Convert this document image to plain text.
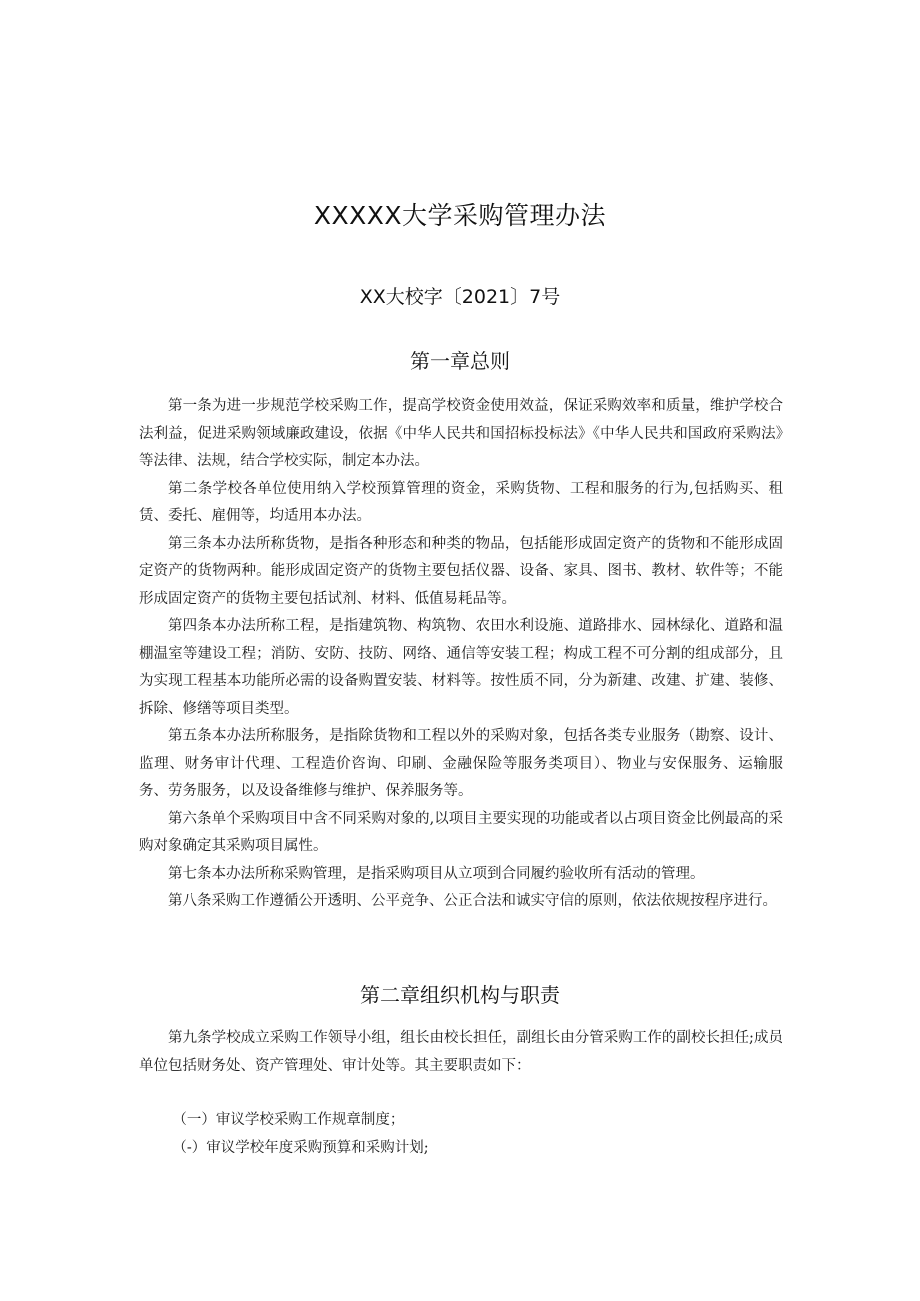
XXXXX大学采购管理办法
XX大校字〔2021〕7号
第一章总则

第一条为进一步规范学校采购工作，提高学校资金使用效益，保证采购效率和质量，维护学校合法利益，促进采购领域廉政建设，依据《中华人民共和国招标投标法》《中华人民共和国政府采购法》等法律、法规，结合学校实际，制定本办法。

第二条学校各单位使用纳入学校预算管理的资金，采购货物、工程和服务的行为,包括购买、租赁、委托、雇佣等，均适用本办法。

第三条本办法所称货物，是指各种形态和种类的物品，包括能形成固定资产的货物和不能形成固定资产的货物两种。能形成固定资产的货物主要包括仪器、设备、家具、图书、教材、软件等；不能形成固定资产的货物主要包括试剂、材料、低值易耗品等。

第四条本办法所称工程，是指建筑物、构筑物、农田水利设施、道路排水、园林绿化、道路和温棚温室等建设工程；消防、安防、技防、网络、通信等安装工程；构成工程不可分割的组成部分，且为实现工程基本功能所必需的设备购置安装、材料等。按性质不同，分为新建、改建、扩建、装修、拆除、修缮等项目类型。

第五条本办法所称服务，是指除货物和工程以外的采购对象，包括各类专业服务（勘察、设计、监理、财务审计代理、工程造价咨询、印刷、金融保险等服务类项目）、物业与安保服务、运输服务、劳务服务，以及设备维修与维护、保养服务等。

第六条单个采购项目中含不同采购对象的,以项目主要实现的功能或者以占项目资金比例最高的采购对象确定其采购项目属性。

第七条本办法所称采购管理，是指采购项目从立项到合同履约验收所有活动的管理。

第八条采购工作遵循公开透明、公平竞争、公正合法和诚实守信的原则，依法依规按程序进行。

第二章组织机构与职责

第九条学校成立采购工作领导小组，组长由校长担任，副组长由分管采购工作的副校长担任;成员单位包括财务处、资产管理处、审计处等。其主要职责如下：

（一）审议学校采购工作规章制度；

（-）审议学校年度采购预算和采购计划;
